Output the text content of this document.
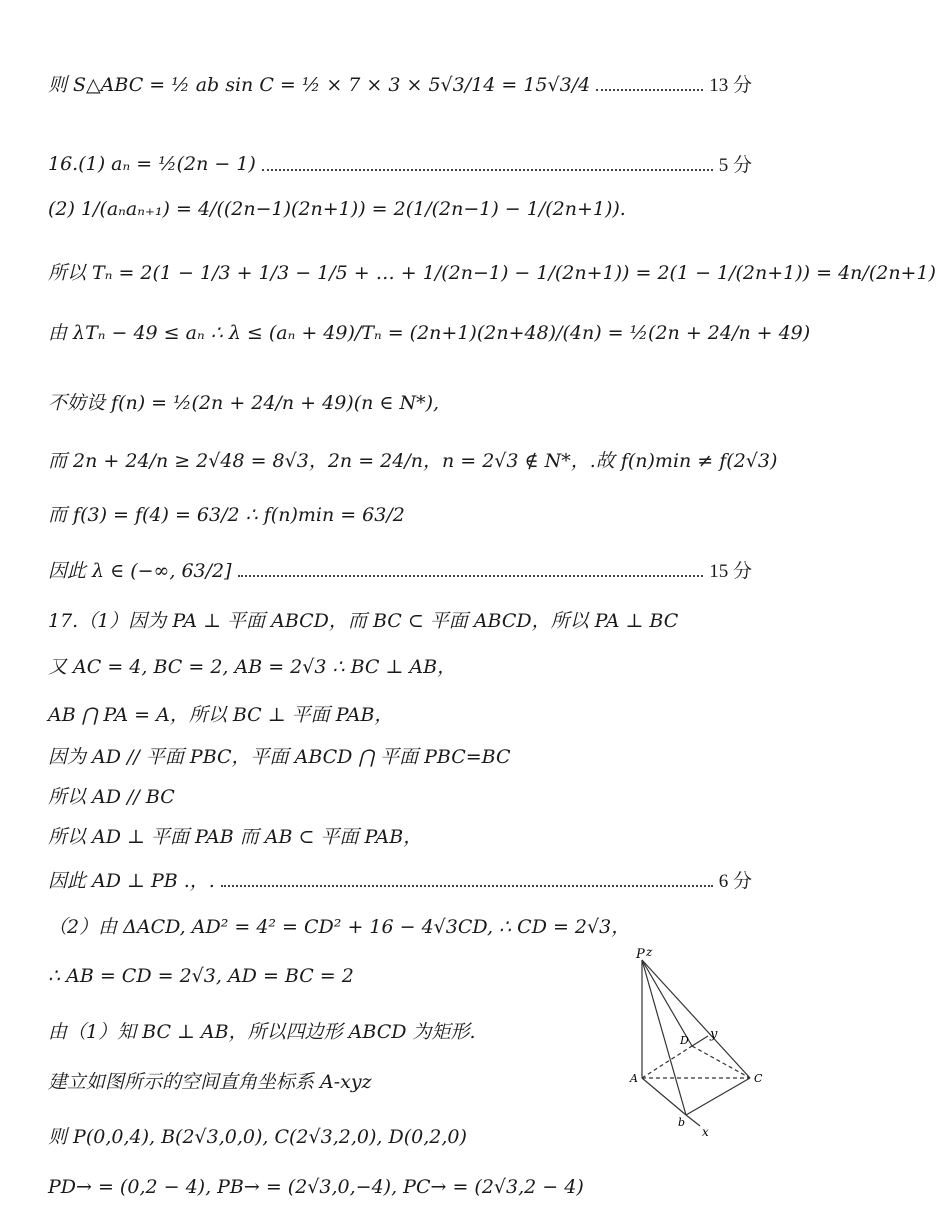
则 S△ABC = ½ ab sin C = ½ × 7 × 3 × 5√3/14 = 15√3/4	13 分
16.(1) aₙ = ½(2n − 1)	5 分
(2) 1/(aₙaₙ₊₁) = 4/((2n−1)(2n+1)) = 2(1/(2n−1) − 1/(2n+1)).
所以 Tₙ = 2(1 − 1/3 + 1/3 − 1/5 + … + 1/(2n−1) − 1/(2n+1)) = 2(1 − 1/(2n+1)) = 4n/(2n+1)
由 λTₙ − 49 ≤ aₙ ∴ λ ≤ (aₙ + 49)/Tₙ = (2n+1)(2n+48)/(4n) = ½(2n + 24/n + 49)
不妨设 f(n) = ½(2n + 24/n + 49)(n ∈ N*),
而 2n + 24/n ≥ 2√48 = 8√3，2n = 24/n，n = 2√3 ∉ N*，.故 f(n)min ≠ f(2√3)
而 f(3) = f(4) = 63/2 ∴ f(n)min = 63/2
因此 λ ∈ (−∞, 63/2]	15 分
17.（1）因为 PA ⊥ 平面 ABCD，而 BC ⊂ 平面 ABCD，所以 PA ⊥ BC
又 AC = 4, BC = 2, AB = 2√3 ∴ BC ⊥ AB，
AB ⋂ PA = A，所以 BC ⊥ 平面 PAB，
因为 AD // 平面 PBC，平面 ABCD ⋂ 平面 PBC=BC
所以 AD // BC
所以 AD ⊥ 平面 PAB 而 AB ⊂ 平面 PAB，
因此 AD ⊥ PB .，.	6 分
（2）由 ΔACD, AD² = 4² = CD² + 16 − 4√3CD, ∴ CD = 2√3，
∴ AB = CD = 2√3, AD = BC = 2
由（1）知 BC ⊥ AB，所以四边形 ABCD 为矩形.
建立如图所示的空间直角坐标系 A-xyz
则 P(0,0,4), B(2√3,0,0), C(2√3,2,0), D(0,2,0)
PD→ = (0,2 − 4), PB→ = (2√3,0,−4), PC→ = (2√3,2 − 4)
P z
A
b
C
D
x
y
